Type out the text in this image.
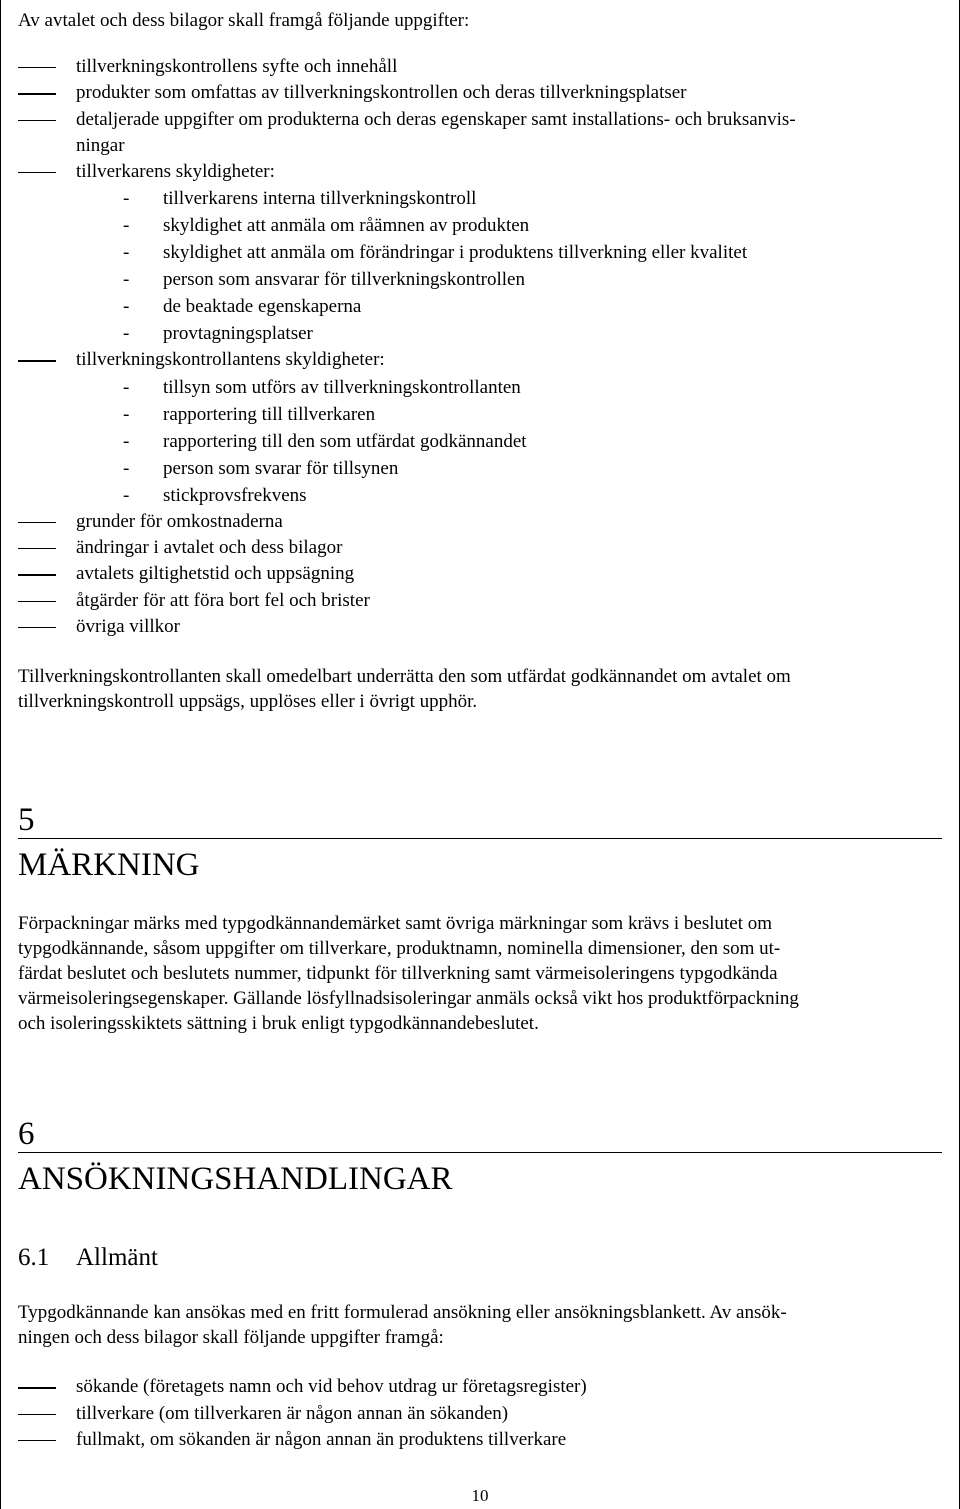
Av avtalet och dess bilagor skall framgå följande uppgifter:

tillverkningskontrollens syfte och innehåll
produkter som omfattas av tillverkningskontrollen och deras tillverkningsplatser
detaljerade uppgifter om produkterna och deras egenskaper samt installations- och bruksanvis-
ningar
tillverkarens skyldigheter:
- tillverkarens interna tillverkningskontroll
- skyldighet att anmäla om råämnen av produkten
- skyldighet att anmäla om förändringar i produktens tillverkning eller kvalitet
- person som ansvarar för tillverkningskontrollen
- de beaktade egenskaperna
- provtagningsplatser
tillverkningskontrollantens skyldigheter:
- tillsyn som utförs av tillverkningskontrollanten
- rapportering till tillverkaren
- rapportering till den som utfärdat godkännandet
- person som svarar för tillsynen
- stickprovsfrekvens
grunder för omkostnaderna
ändringar i avtalet och dess bilagor
avtalets giltighetstid och uppsägning
åtgärder för att föra bort fel och brister
övriga villkor

Tillverkningskontrollanten skall omedelbart underrätta den som utfärdat godkännandet om avtalet om

tillverkningskontroll uppsägs, upplöses eller i övrigt upphör.

5
MÄRKNING

Förpackningar märks med typgodkännandemärket samt övriga märkningar som krävs i beslutet om

typgodkännande, såsom uppgifter om tillverkare, produktnamn, nominella dimensioner, den som ut-

färdat beslutet och beslutets nummer, tidpunkt för tillverkning samt värmeisoleringens typgodkända

värmeisoleringsegenskaper. Gällande lösfyllnadsisoleringar anmäls också vikt hos produktförpackning

och isoleringsskiktets sättning i bruk enligt typgodkännandebeslutet.

6
ANSÖKNINGSHANDLINGAR
6.1 Allmänt

Typgodkännande kan ansökas med en fritt formulerad ansökning eller ansökningsblankett. Av ansök-

ningen och dess bilagor skall följande uppgifter framgå:

sökande (företagets namn och vid behov utdrag ur företagsregister)
tillverkare (om tillverkaren är någon annan än sökanden)
fullmakt, om sökanden är någon annan än produktens tillverkare
10
